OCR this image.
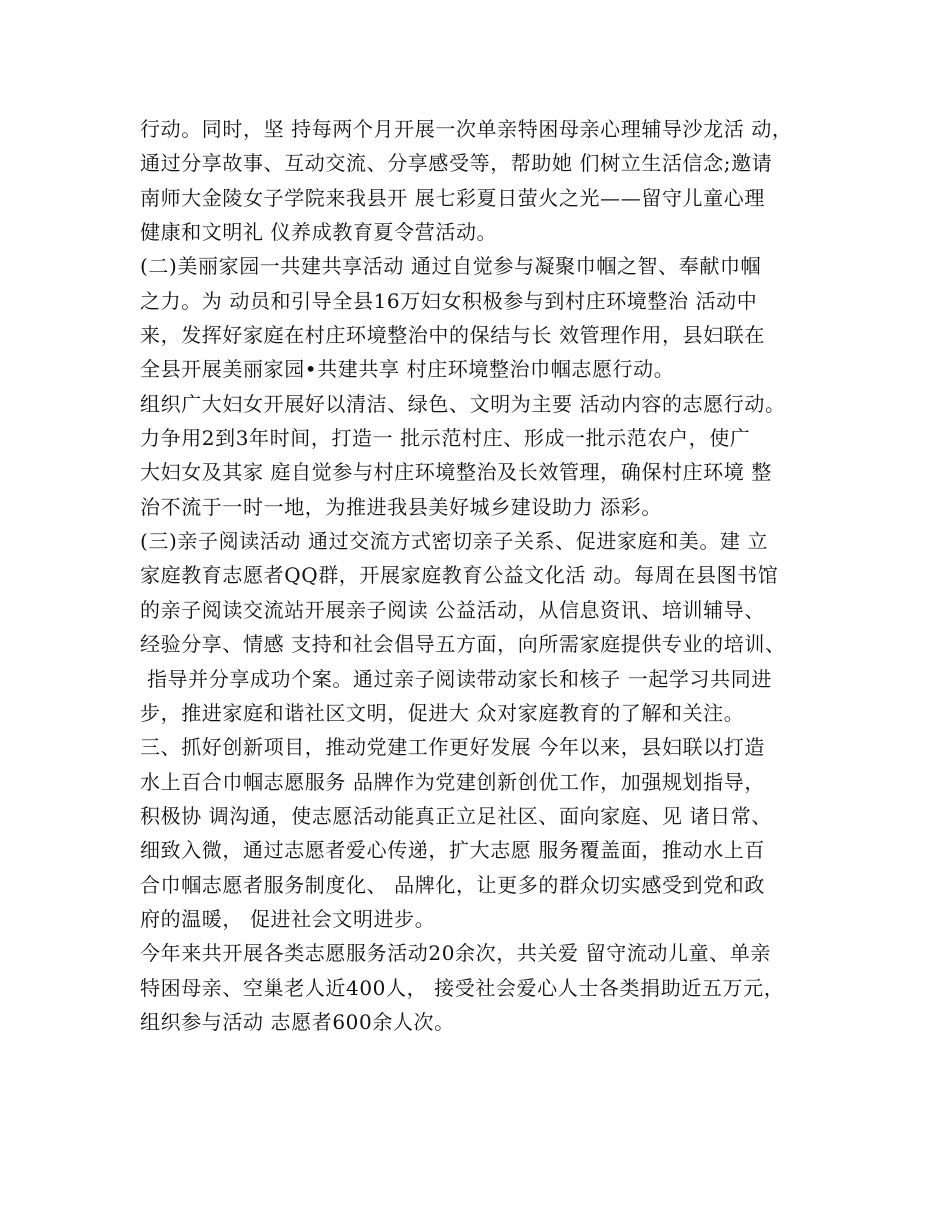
行动。同时，坚 持每两个月开展一次单亲特困母亲心理辅导沙龙活 动，
通过分享故事、互动交流、分享感受等，帮助她 们树立生活信念;邀请
南师大金陵女子学院来我县开 展七彩夏日萤火之光——留守儿童心理
健康和文明礼 仪养成教育夏令营活动。
(二)美丽家园一共建共享活动 通过自觉参与凝聚巾帼之智、奉献巾帼
之力。为 动员和引导全县16万妇女积极参与到村庄环境整治 活动中
来，发挥好家庭在村庄环境整治中的保结与长 效管理作用，县妇联在
全县开展美丽家园•共建共享 村庄环境整治巾帼志愿行动。
组织广大妇女开展好以清洁、绿色、文明为主要 活动内容的志愿行动。
力争用2到3年时间，打造一 批示范村庄、形成一批示范农户，使广
大妇女及其家 庭自觉参与村庄环境整治及长效管理，确保村庄环境 整
治不流于一时一地，为推进我县美好城乡建设助力 添彩。
(三)亲子阅读活动 通过交流方式密切亲子关系、促进家庭和美。建 立
家庭教育志愿者QQ群，开展家庭教育公益文化活 动。每周在县图书馆
的亲子阅读交流站开展亲子阅读 公益活动，从信息资讯、培训辅导、
经验分享、情感 支持和社会倡导五方面，向所需家庭提供专业的培训、
指导并分享成功个案。通过亲子阅读带动家长和核子 一起学习共同进
步，推进家庭和谐社区文明，促进大 众对家庭教育的了解和关注。
三、抓好创新项目，推动党建工作更好发展 今年以来，县妇联以打造
水上百合巾帼志愿服务 品牌作为党建创新创优工作，加强规划指导，
积极协 调沟通，使志愿活动能真正立足社区、面向家庭、见 诸日常、
细致入微，通过志愿者爱心传递，扩大志愿 服务覆盖面，推动水上百
合巾帼志愿者服务制度化、 品牌化，让更多的群众切实感受到党和政
府的温暖， 促进社会文明进步。
今年来共开展各类志愿服务活动20余次，共关爱 留守流动儿童、单亲
特困母亲、空巢老人近400人， 接受社会爱心人士各类捐助近五万元，
组织参与活动 志愿者600余人次。
